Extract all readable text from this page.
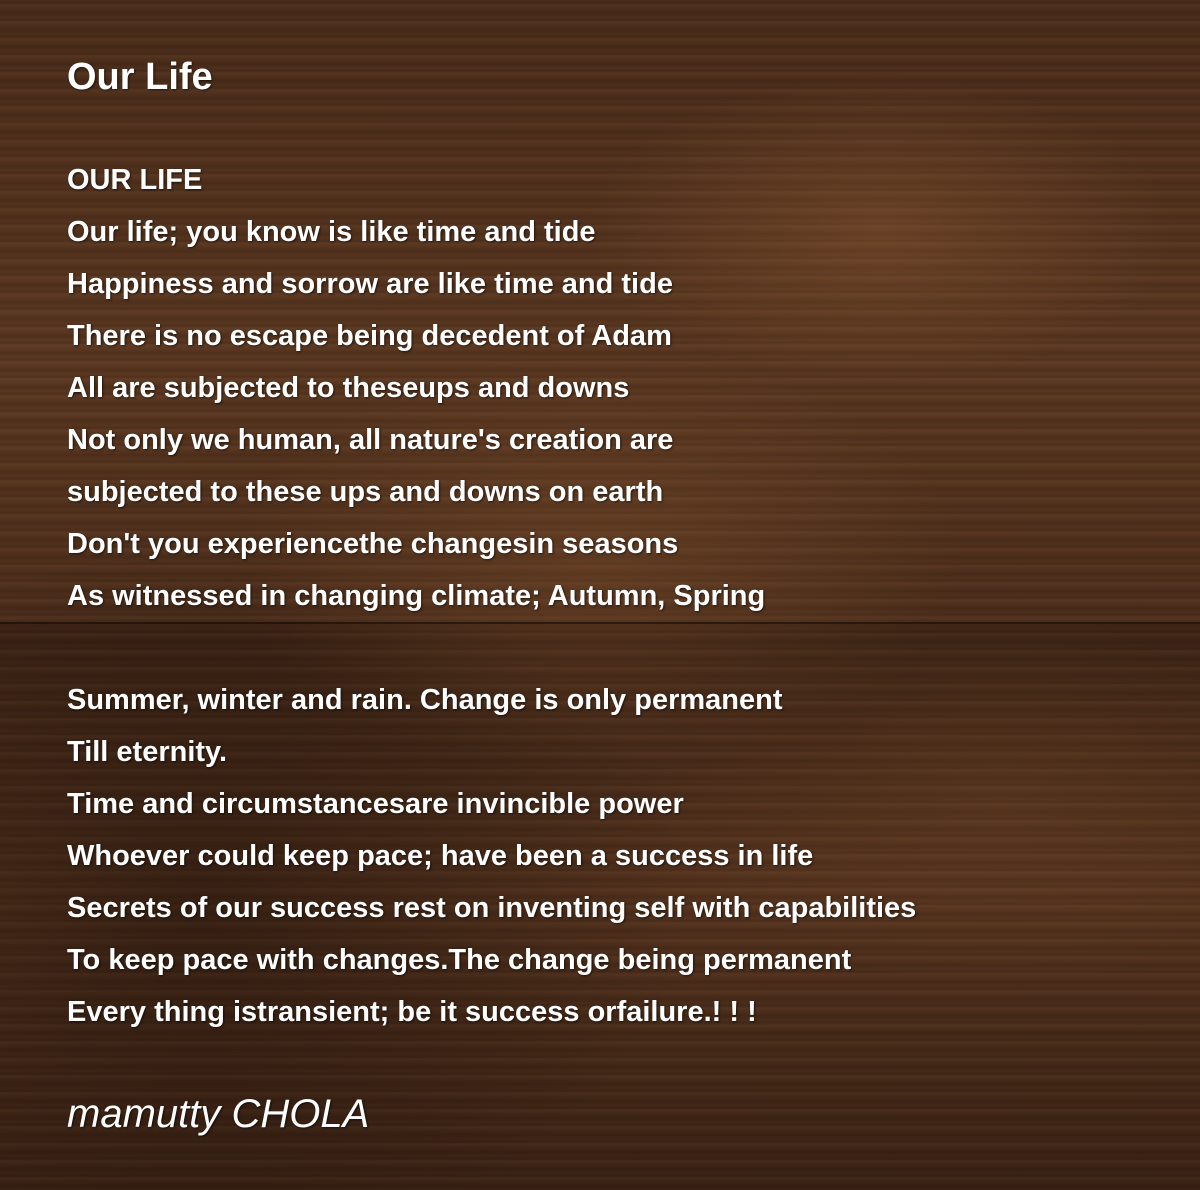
Our Life
OUR LIFE
Our life; you know is like time and tide
Happiness and sorrow are like time and tide
There is no escape being decedent of Adam
All are subjected to theseups and downs
Not only we human, all nature's creation are
subjected to these ups and downs on earth
Don't you experiencethe changesin seasons
As witnessed in changing climate; Autumn, Spring
Summer, winter and rain. Change is only permanent
Till eternity.
Time and circumstancesare invincible power
Whoever could keep pace; have been a success in life
Secrets of our success rest on inventing self with capabilities
To keep pace with changes.The change being permanent
Every thing istransient; be it success orfailure.! ! !

mamutty CHOLA
